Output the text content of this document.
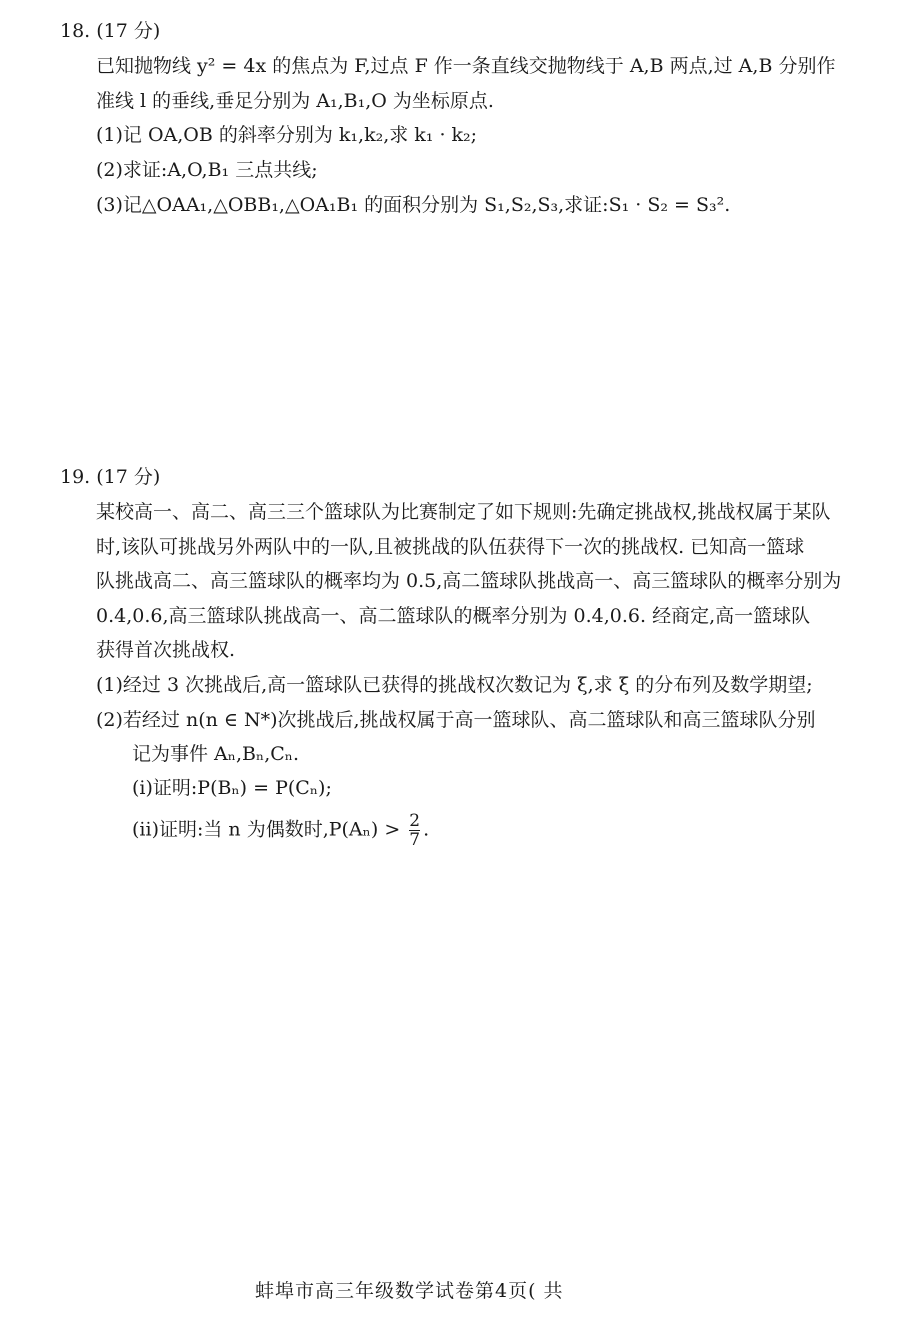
18. (17 分)
已知抛物线 y² = 4x 的焦点为 F,过点 F 作一条直线交抛物线于 A,B 两点,过 A,B 分别作
准线 l 的垂线,垂足分别为 A₁,B₁,O 为坐标原点.
(1)记 OA,OB 的斜率分别为 k₁,k₂,求 k₁ · k₂;
(2)求证:A,O,B₁ 三点共线;
(3)记△OAA₁,△OBB₁,△OA₁B₁ 的面积分别为 S₁,S₂,S₃,求证:S₁ · S₂ = S₃².
19. (17 分)
某校高一、高二、高三三个篮球队为比赛制定了如下规则:先确定挑战权,挑战权属于某队
时,该队可挑战另外两队中的一队,且被挑战的队伍获得下一次的挑战权. 已知高一篮球
队挑战高二、高三篮球队的概率均为 0.5,高二篮球队挑战高一、高三篮球队的概率分别为
0.4,0.6,高三篮球队挑战高一、高二篮球队的概率分别为 0.4,0.6. 经商定,高一篮球队
获得首次挑战权.
(1)经过 3 次挑战后,高一篮球队已获得的挑战权次数记为 ξ,求 ξ 的分布列及数学期望;
(2)若经过 n(n ∈ N*)次挑战后,挑战权属于高一篮球队、高二篮球队和高三篮球队分别
记为事件 Aₙ,Bₙ,Cₙ.
(i)证明:P(Bₙ) = P(Cₙ);
(ii)证明:当 n 为偶数时$,P(A_n) > \frac{2}{7}$ .
蚌埠市高三年级数学试卷第4页( 共
